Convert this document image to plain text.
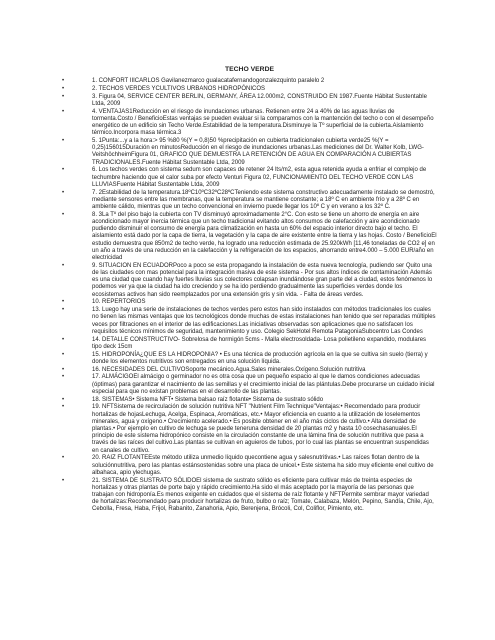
TECHO VERDE
•	1. CONFORT IIICARLOS Gavilanezmarco gualacatafernandogonzalezquinto paralelo 2
•	2. TECHOS VERDES YCULTIVOS URBANOS HIDROPÓNICOS
•	3. Figura 04, SERVICE CENTER BERLIN, GERMANY, ÁREA 12.000m2, CONSTRUIDO EN 1987.Fuente Hábitat Sustentable Ltda, 2009
•	4. VENTAJAS1Reducción en el riesgo de inundaciones urbanas. Retienen entre 24 a 40% de las aguas lluvias de tormenta.Costo / BeneficioEstas ventajas se pueden evaluar si la comparamos con la mantención del techo o con el desempeño energético de un edificio sin Techo Verde.Estabilidad de la temperatura.Disminuye la Tº superficial de la cubierta.Aislamiento térmico.Incorpora masa térmica.3
•	5. 1Punta:...y a la hora:> 95 %80 %(Y = 0,8)50 %precipitación en cubierta tradicionalen cubierta verde25 %(Y = 0,25)156015Duración en minutosReducción en el riesgo de inundaciones urbanas.Las mediciones del Dr. Walter Kolb, LWG-VeitshöchheimFigura 01, GRAFICO QUE DEMUESTRA LA RETENCIÓN DE AGUA EN COMPARACIÓN A CUBIERTAS TRADICIONALES.Fuente Hábitat Sustentable Ltda, 2009
•	6. Los techos verdes con sistema sedum son capaces de retener 24 lts/m2, esta agua retenida ayuda a enfriar el complejo de techumbre haciendo que el calor suba por efecto Venturi Figura 02, FUNCIONAMIENTO DEL TECHO VERDE CON LAS LLUVIASFuente Hábitat Sustentable Ltda, 2009
•	7. 2Estabilidad de la temperatura.18ºC10ºC32ºC28ºCTeniendo este sistema constructivo adecuadamente instalado se demostró, mediante sensores entre las membranas, que la temperatura se mantiene constante; a 18º C en ambiente frío y a 28º C en ambiente cálido, mientras que un techo convencional en invierno puede llegar los 10º C y en verano a los 32º C.
•	8. 3La Tº del piso bajo la cubierta con TV disminuyó aproximadamente 2°C. Con esto se tiene un ahorro de energía en aire acondicionado mayor inercia térmica que un techo tradicional evitando altos consumos de calefacción y aire acondicionado pudiendo disminuir el consumo de energía para climatización en hasta un 60% del espacio interior directo bajo el techo. El aislamiento está dado por la capa de tierra, la vegetación y la capa de aire existente entre la tierra y las hojas. Costo / BeneficioEl estudio demuestra que 850m2 de techo verde, ha logrado una reducción estimada de 25.920kWh [11,46 toneladas de CO2 e] en un año a través de una reducción en la calefacción y la refrigeración de los espacios, ahorrando entre4.000 – 5.000 EUR/año en electricidad
•	9. SITUACION EN ECUADORPoco a poco se esta propagando la instalación de esta nueva tecnología, pudiendo ser Quito una de las ciudades con mas potencial para la integración masiva de este sistema - Por sus altos índices de contaminación Además es una ciudad que cuando hay fuertes lluvias sus colectores colapsan inundándose gran parte del a ciudad, estos fenómenos lo podemos ver ya que la ciudad ha ido creciendo y se ha ido perdiendo gradualmente las superficies verdes donde los ecosistemas activos han sido reemplazados por una extensión gris y sin vida. - Falta de áreas verdes.
•	10. REPERTORIOS
•	13. Luego hay una serie de instalaciones de techos verdes pero estos han sido instalados con métodos tradicionales los cuales no tienen las mismas ventajas que los tecnológicos donde muchas de estas instalaciones han tenido que ser reparadas múltiples veces por filtraciones en el interior de las edificaciones.Las iniciativas observadas son aplicaciones que no satisfacen los requisitos técnicos mínimos de seguridad, mantenimiento y uso. Colegio SekHotel Remota PatagoniaSubcentro Las Condes
•	14. DETALLE CONSTRUCTIVO- Sobrelosa de hormigón 5cms - Malla electrosoldada- Losa polietileno expandido, modulares tipo deck 15cm
•	15. HIDROPONÍA¿QUE ES LA HIDROPONIA? • Es una técnica de producción agrícola en la que se cultiva sin suelo (tierra) y donde los elementos nutritivos son entregados en una solución líquida.
•	16. NECESIDADES DEL CULTIVOSoporte mecánico.Agua.Sales minerales.Oxígeno.Solución nutritiva
•	17. ALMÁCIGOEl almácigo o germinador no es otra cosa que un pequeño espacio al que le damos condiciones adecuadas (óptimas) para garantizar el nacimiento de las semillas y el crecimiento inicial de las plántulas.Debe procurarse un cuidado inicial especial para que no existan problemas en el desarrollo de las plantas.
•	18. SISTEMAS• Sistema NFT• Sistema balsao raíz flotante• Sistema de sustrato sólido
•	19. NFTSistema de recirculación de solución nutritiva NFT "Nutrient Film Technique"Ventajas:• Recomendado para producir hortalizas de hojasLechuga, Acelga, Espinaca, Aromáticas, etc.• Mayor eficiencia en cuanto a la utilización de loselementos minerales, agua y oxígeno.• Crecimiento acelerado.• Es posible obtener en el año más ciclos de cultivo.• Alta densidad de plantas.• Por ejemplo en cultivo de lechuga se puede teneruna densidad de 20 plantas m2 y hasta 10 cosechasanuales.El principio de este sistema hidropónico consiste en la circulación constante de una lámina fina de solución nutritiva que pasa a través de las raíces del cultivo.Las plantas se cultivan en aguieros de tubos, por lo cual las plantas se encuentran suspendidas en canales de cultivo.
•	20. RAIZ FLOTANTEEste método utiliza unmedio líquido quecontiene agua y salesnutritivas.• Las raíces flotan dentro de la soluciónnutritiva, pero las plantas estánsostenidas sobre una placa de unicel.• Este sistema ha sido muy eficiente enel cultivo de albahaca, apio ylechugas.
•	21. SISTEMA DE SUSTRATO SÓLIDOEl sistema de sustrato sólido es eficiente para cultivar más de treinta especies de hortalizas y otras plantas de porte bajo y rápido crecimiento.Ha sido el más aceptado por la mayoría de las personas que trabajan con hidroponía.Es menos exigente en cuidados que el sistema de raíz flotante y NFTPermite sembrar mayor variedad de hortalizas:Recomendado para producir hortalizas de fruto, bulbo o raíz; Tomate, Calabaza, Melón, Pepino, Sandía, Chile, Ajo, Cebolla, Fresa, Haba, Frijol, Rabanito, Zanahoria, Apio, Berenjena, Brócoli, Col, Coliflor, Pimiento, etc.
